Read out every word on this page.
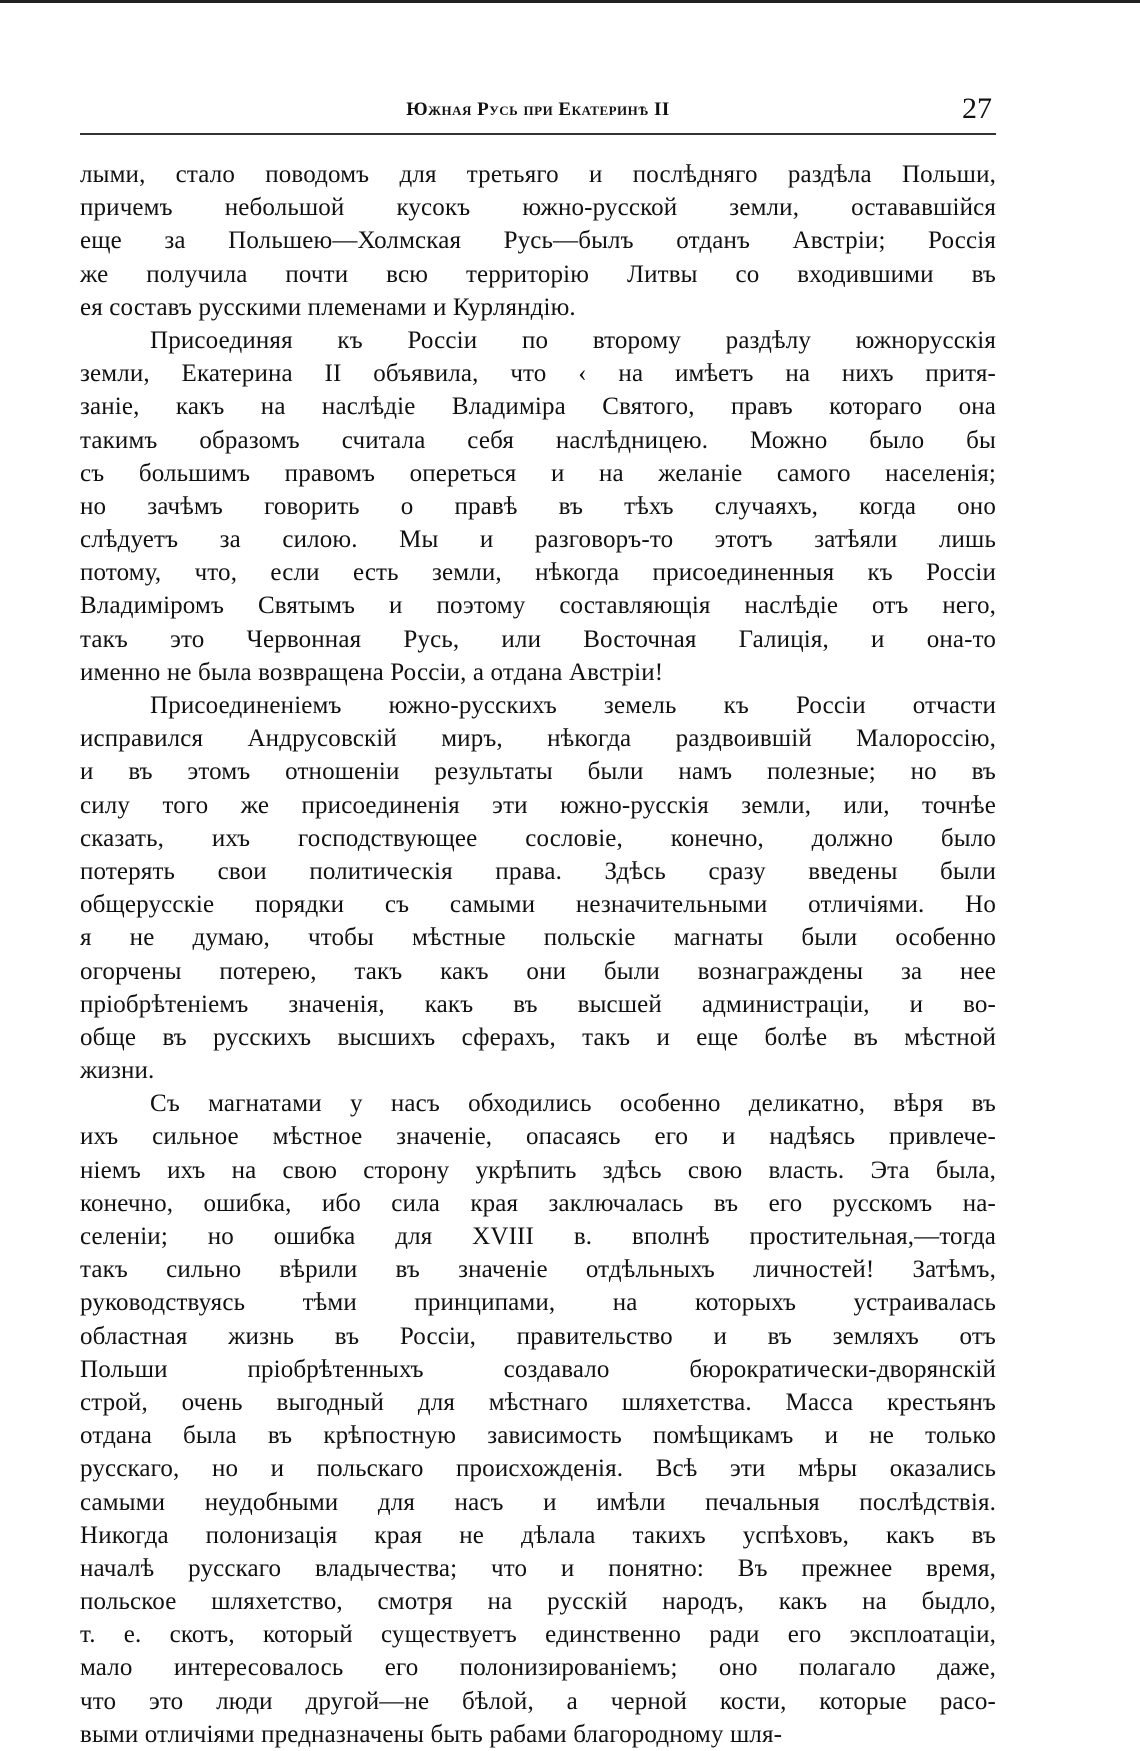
Южная Русь при Екатеринѣ II	27
лыми, стало поводомъ для третьяго и послѣдняго раздѣла Польши,
причемъ небольшой кусокъ южно-русской земли, остававшійся
еще за Польшею—Холмская Русь—былъ отданъ Австріи; Россія
же получила почти всю территорію Литвы со входившими въ
ея составъ русскими племенами и Курляндію.
Присоединяя къ Россіи по второму раздѣлу южнорусскія
земли, Екатерина II объявила, что ‹ на имѣетъ на нихъ притя-
заніе, какъ на наслѣдіе Владиміра Святого, правъ котораго она
такимъ образомъ считала себя наслѣдницею. Можно было бы
съ большимъ правомъ опереться и на желаніе самого населенія;
но зачѣмъ говорить о правѣ въ тѣхъ случаяхъ, когда оно
слѣдуетъ за силою. Мы и разговоръ-то этотъ затѣяли лишь
потому, что, если есть земли, нѣкогда присоединенныя къ Россіи
Владиміромъ Святымъ и поэтому составляющія наслѣдіе отъ него,
такъ это Червонная Русь, или Восточная Галиція, и она-то
именно не была возвращена Россіи, а отдана Австріи!
Присоединеніемъ южно-русскихъ земель къ Россіи отчасти
исправился Андрусовскій миръ, нѣкогда раздвоившій Малороссію,
и въ этомъ отношеніи результаты были намъ полезные; но въ
силу того же присоединенія эти южно-русскія земли, или, точнѣе
сказать, ихъ господствующее сословіе, конечно, должно было
потерять свои политическія права. Здѣсь сразу введены были
общерусскіе порядки съ самыми незначительными отличіями. Но
я не думаю, чтобы мѣстные польскіе магнаты были особенно
огорчены потерею, такъ какъ они были вознаграждены за нее
пріобрѣтеніемъ значенія, какъ въ высшей администраціи, и во-
обще въ русскихъ высшихъ сферахъ, такъ и еще болѣе въ мѣстной
жизни.
Съ магнатами у насъ обходились особенно деликатно, вѣря въ
ихъ сильное мѣстное значеніе, опасаясь его и надѣясь привлече-
ніемъ ихъ на свою сторону укрѣпить здѣсь свою власть. Эта была,
конечно, ошибка, ибо сила края заключалась въ его русскомъ на-
селеніи; но ошибка для XVIII в. вполнѣ простительная,—тогда
такъ сильно вѣрили въ значеніе отдѣльныхъ личностей! Затѣмъ,
руководствуясь тѣми принципами, на которыхъ устраивалась
областная жизнь въ Россіи, правительство и въ земляхъ отъ
Польши пріобрѣтенныхъ создавало бюрократически-дворянскій
строй, очень выгодный для мѣстнаго шляхетства. Масса крестьянъ
отдана была въ крѣпостную зависимость помѣщикамъ и не только
русскаго, но и польскаго происхожденія. Всѣ эти мѣры оказались
самыми неудобными для насъ и имѣли печальныя послѣдствія.
Никогда полонизація края не дѣлала такихъ успѣховъ, какъ въ
началѣ русскаго владычества; что и понятно: Въ прежнее время,
польское шляхетство, смотря на русскій народъ, какъ на быдло,
т. е. скотъ, который существуетъ единственно ради его эксплоатаціи,
мало интересовалось его полонизированіемъ; оно полагало даже,
что это люди другой—не бѣлой, а черной кости, которые расо-
выми отличіями предназначены быть рабами благородному шля-
